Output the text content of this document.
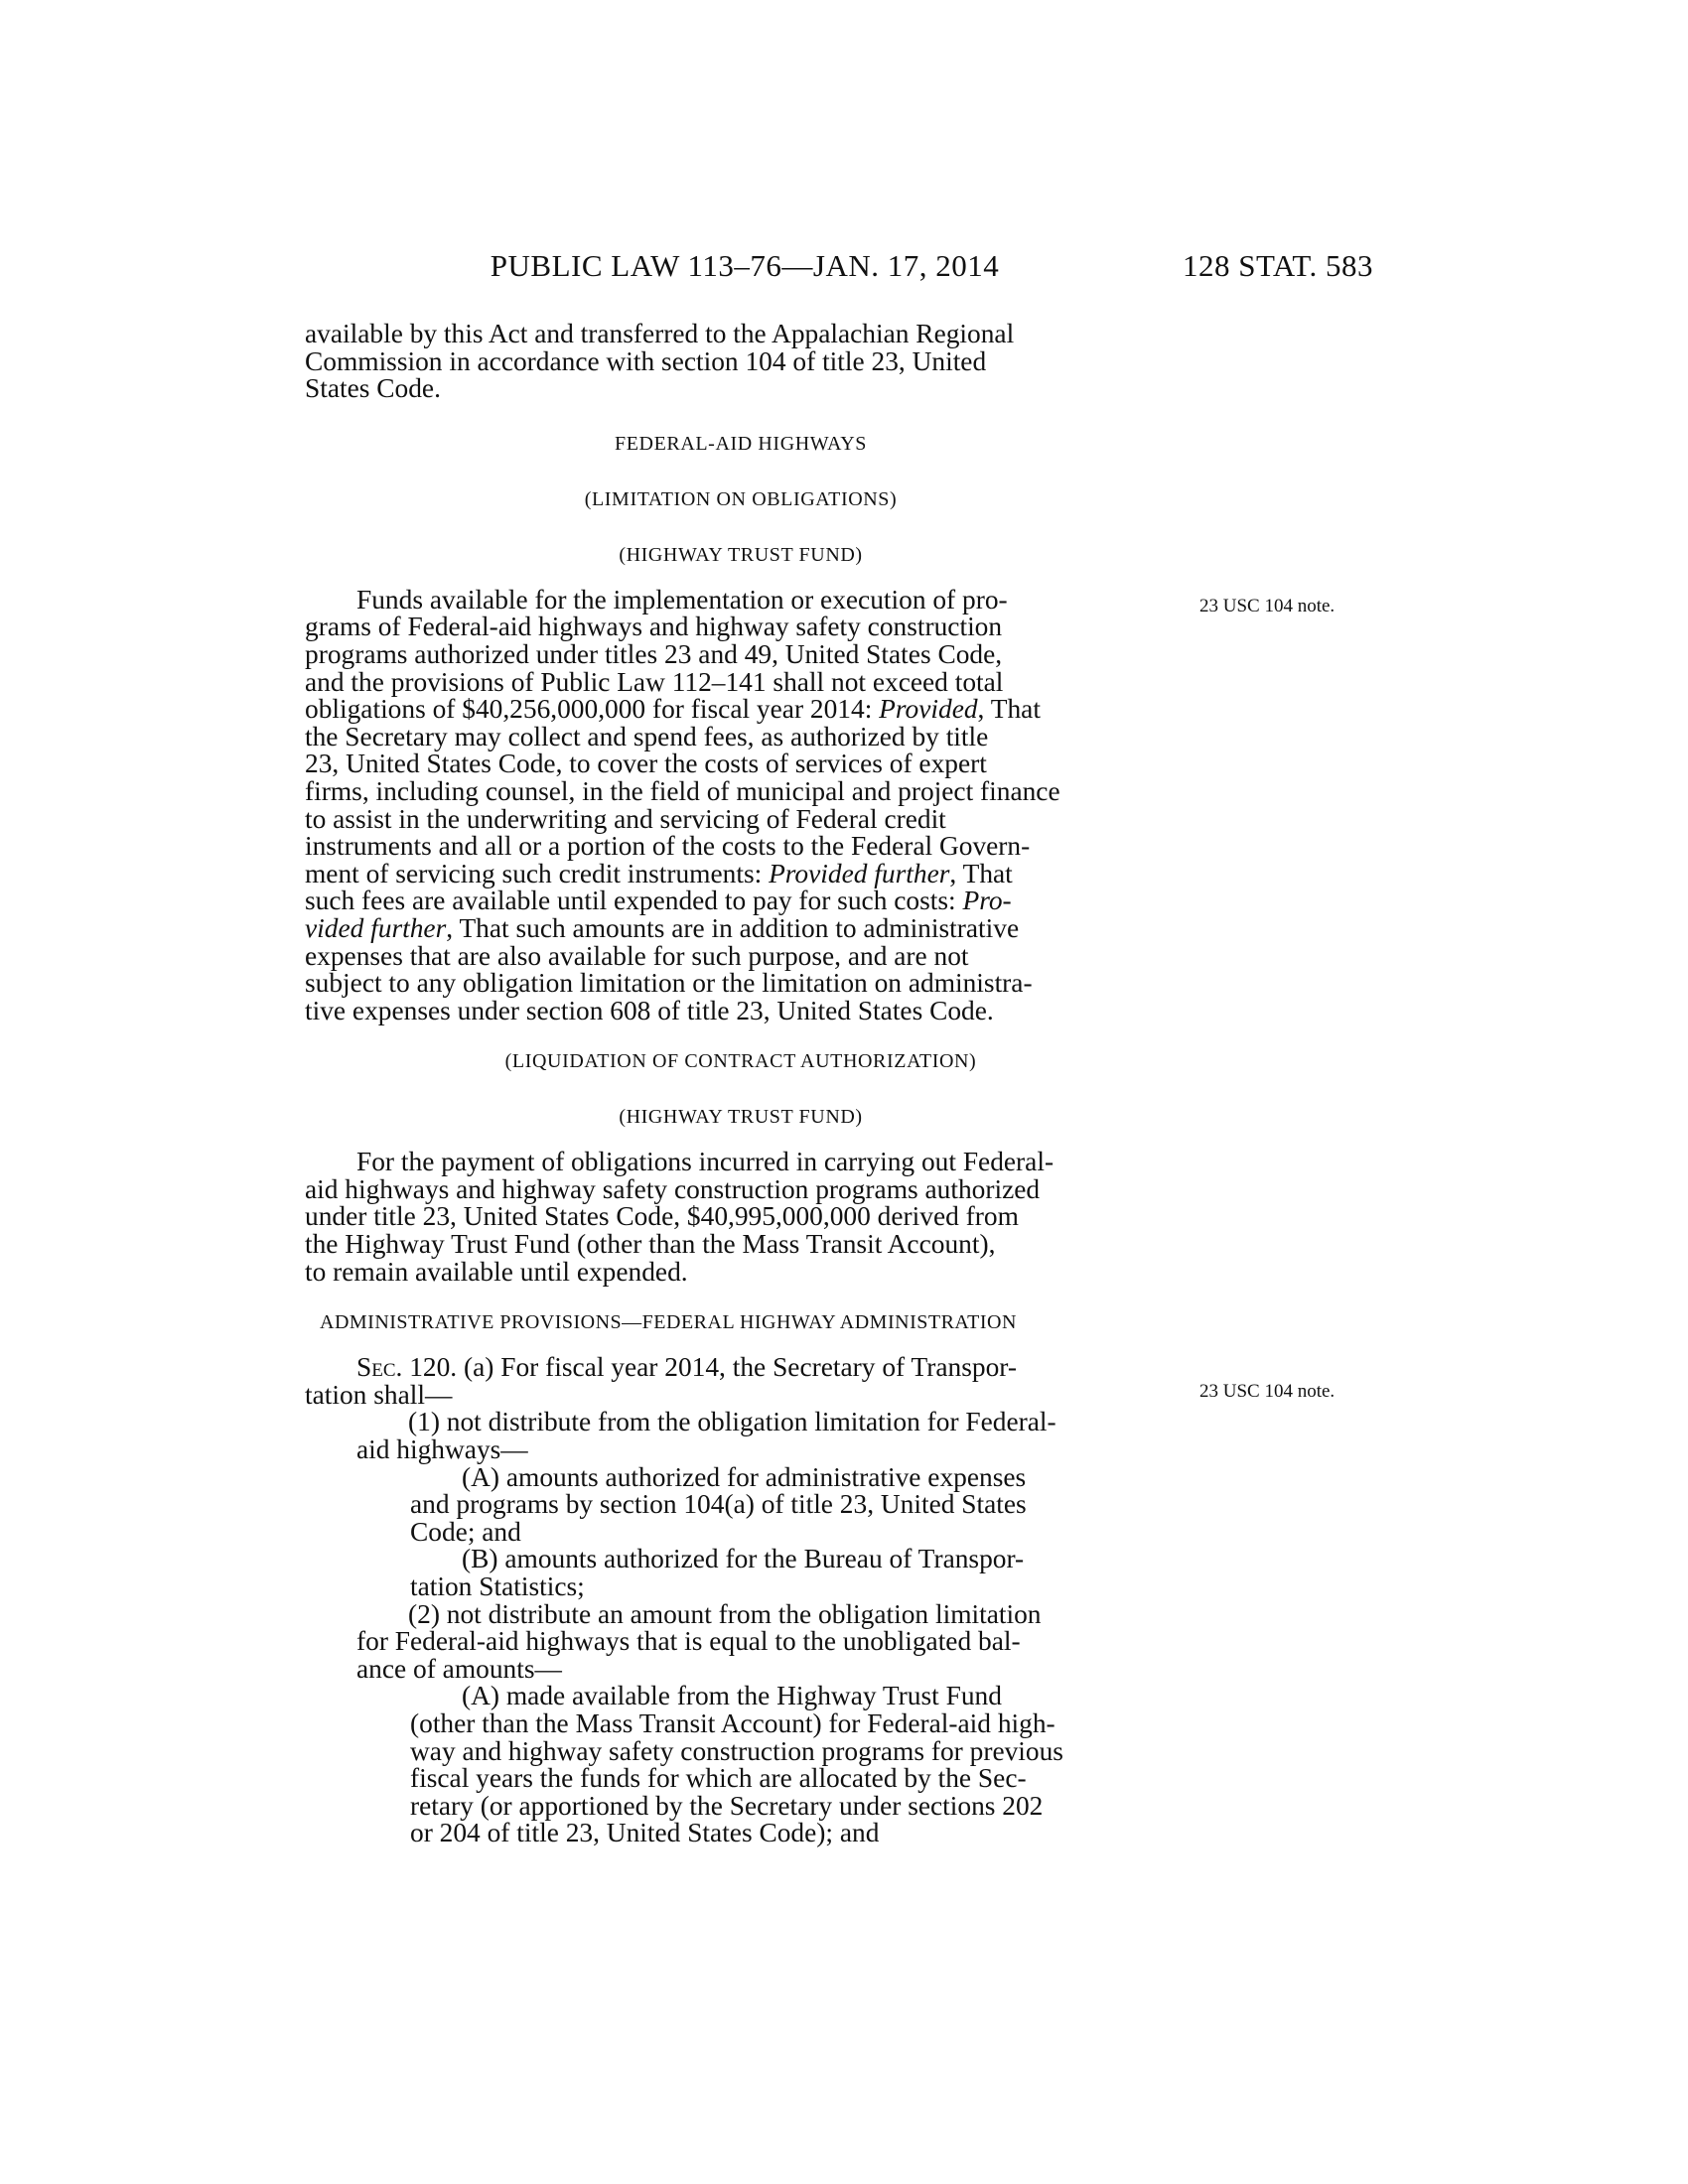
PUBLIC LAW 113–76—JAN. 17, 2014	128 STAT. 583
23 USC 104 note.
23 USC 104 note.

available by this Act and transferred to the Appalachian Regional
Commission in accordance with section 104 of title 23, United
States Code.

FEDERAL-AID HIGHWAYS

(LIMITATION ON OBLIGATIONS)

(HIGHWAY TRUST FUND)

Funds available for the implementation or execution of pro-
grams of Federal-aid highways and highway safety construction
programs authorized under titles 23 and 49, United States Code,
and the provisions of Public Law 112–141 shall not exceed total
obligations of $40,256,000,000 for fiscal year 2014: Provided, That
the Secretary may collect and spend fees, as authorized by title
23, United States Code, to cover the costs of services of expert
firms, including counsel, in the field of municipal and project finance
to assist in the underwriting and servicing of Federal credit
instruments and all or a portion of the costs to the Federal Govern-
ment of servicing such credit instruments: Provided further, That
such fees are available until expended to pay for such costs: Pro-
vided further, That such amounts are in addition to administrative
expenses that are also available for such purpose, and are not
subject to any obligation limitation or the limitation on administra-
tive expenses under section 608 of title 23, United States Code.

(LIQUIDATION OF CONTRACT AUTHORIZATION)

(HIGHWAY TRUST FUND)

For the payment of obligations incurred in carrying out Federal-
aid highways and highway safety construction programs authorized
under title 23, United States Code, $40,995,000,000 derived from
the Highway Trust Fund (other than the Mass Transit Account),
to remain available until expended.

ADMINISTRATIVE PROVISIONS—FEDERAL HIGHWAY ADMINISTRATION

Sec. 120. (a) For fiscal year 2014, the Secretary of Transpor-
tation shall—

(1) not distribute from the obligation limitation for Federal-
aid highways—

(A) amounts authorized for administrative expenses
and programs by section 104(a) of title 23, United States
Code; and

(B) amounts authorized for the Bureau of Transpor-
tation Statistics;

(2) not distribute an amount from the obligation limitation
for Federal-aid highways that is equal to the unobligated bal-
ance of amounts—

(A) made available from the Highway Trust Fund
(other than the Mass Transit Account) for Federal-aid high-
way and highway safety construction programs for previous
fiscal years the funds for which are allocated by the Sec-
retary (or apportioned by the Secretary under sections 202
or 204 of title 23, United States Code); and
